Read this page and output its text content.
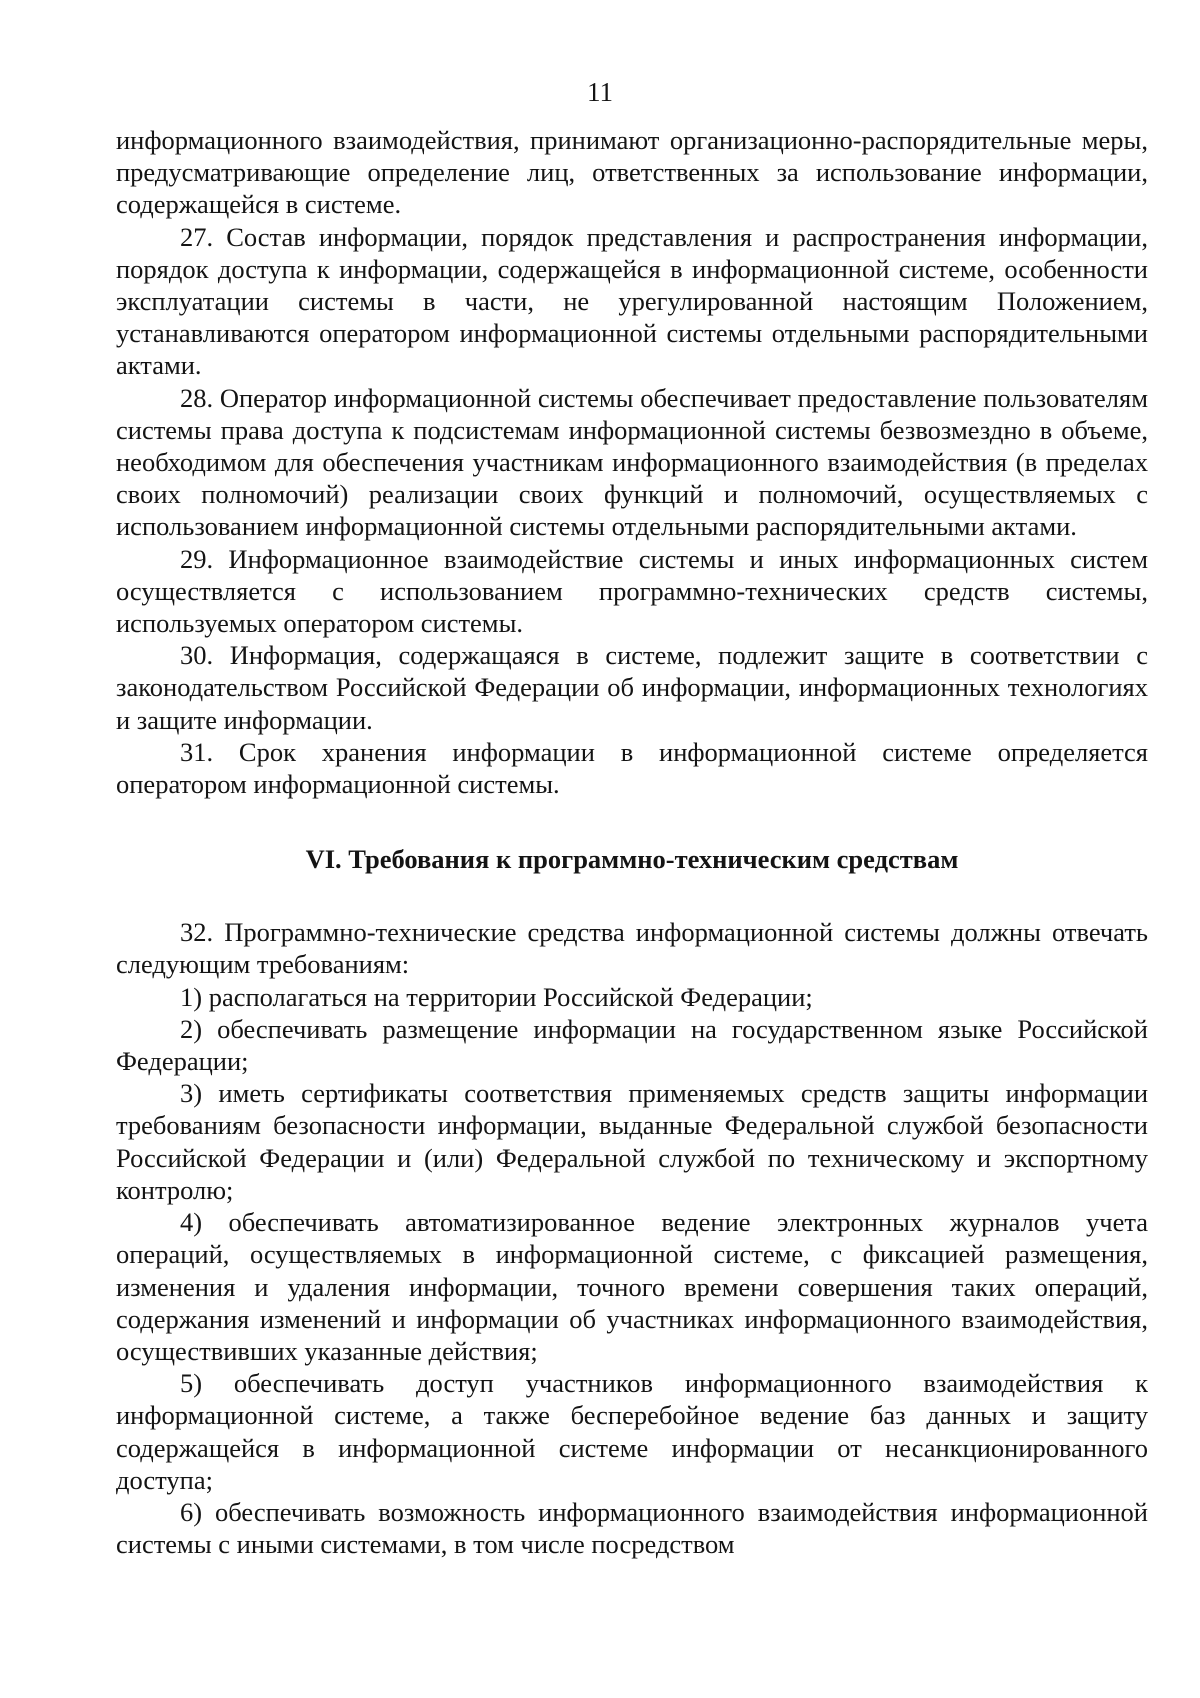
11

информационного взаимодействия, принимают организационно-распорядительные меры, предусматривающие определение лиц, ответственных за использование информации, содержащейся в системе.

27. Состав информации, порядок представления и распространения информации, порядок доступа к информации, содержащейся в информационной системе, особенности эксплуатации системы в части, не урегулированной настоящим Положением, устанавливаются оператором информационной системы отдельными распорядительными актами.

28. Оператор информационной системы обеспечивает предоставление пользователям системы права доступа к подсистемам информационной системы безвозмездно в объеме, необходимом для обеспечения участникам информационного взаимодействия (в пределах своих полномочий) реализации своих функций и полномочий, осуществляемых с использованием информационной системы отдельными распорядительными актами.

29. Информационное взаимодействие системы и иных информационных систем осуществляется с использованием программно-технических средств системы, используемых оператором системы.

30. Информация, содержащаяся в системе, подлежит защите в соответствии с законодательством Российской Федерации об информации, информационных технологиях и защите информации.

31. Срок хранения информации в информационной системе определяется оператором информационной системы.

VI. Требования к программно-техническим средствам

32. Программно-технические средства информационной системы должны отвечать следующим требованиям:

1) располагаться на территории Российской Федерации;

2) обеспечивать размещение информации на государственном языке Российской Федерации;

3) иметь сертификаты соответствия применяемых средств защиты информации требованиям безопасности информации, выданные Федеральной службой безопасности Российской Федерации и (или) Федеральной службой по техническому и экспортному контролю;

4) обеспечивать автоматизированное ведение электронных журналов учета операций, осуществляемых в информационной системе, с фиксацией размещения, изменения и удаления информации, точного времени совершения таких операций, содержания изменений и информации об участниках информационного взаимодействия, осуществивших указанные действия;

5) обеспечивать доступ участников информационного взаимодействия к информационной системе, а также бесперебойное ведение баз данных и защиту содержащейся в информационной системе информации от несанкционированного доступа;

6) обеспечивать возможность информационного взаимодействия информационной системы с иными системами, в том числе посредством
